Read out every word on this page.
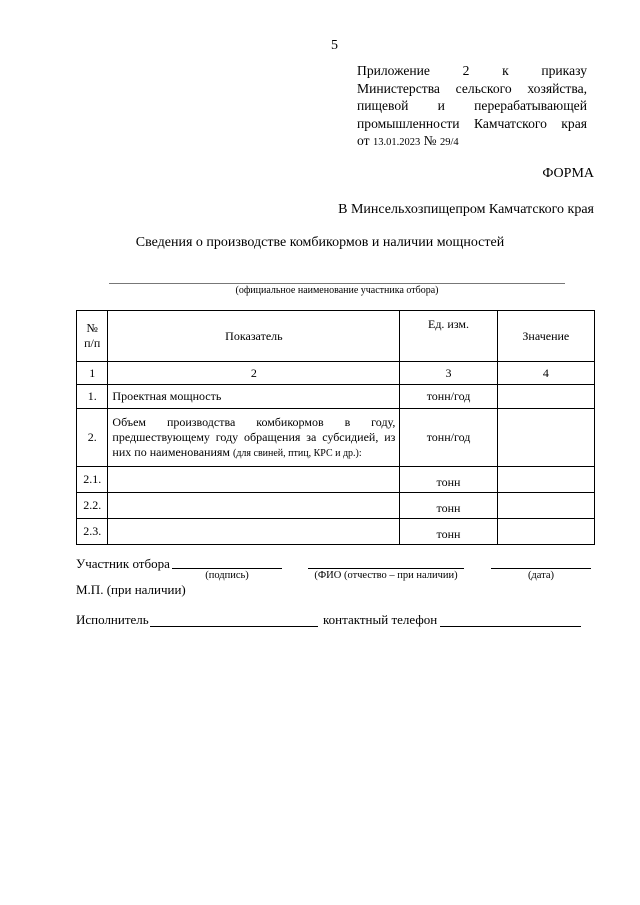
5
Приложение 2 к приказу
Министерства сельского хозяйства,
пищевой и перерабатывающей
промышленности Камчатского края
от 13.01.2023 № 29/4
ФОРМА
В Минсельхозпищепром Камчатского края
Сведения о производстве комбикормов и наличии мощностей
(официальное наименование участника отбора)
№
п/п	Показатель	Ед. изм.	Значение
1	2	3	4
1.	Проектная мощность	тонн/год	
2.	Объем производства комбикормов в году, предшествующему году обращения за субсидией, из них по наименованиям (для свиней, птиц, КРС и др.):	тонн/год	
2.1.		тонн	
2.2.		тонн	
2.3.		тонн	
Участник отбора
(подпись)	(ФИО (отчество – при наличии)	(дата)
М.П. (при наличии)
Исполнитель	контактный телефон
